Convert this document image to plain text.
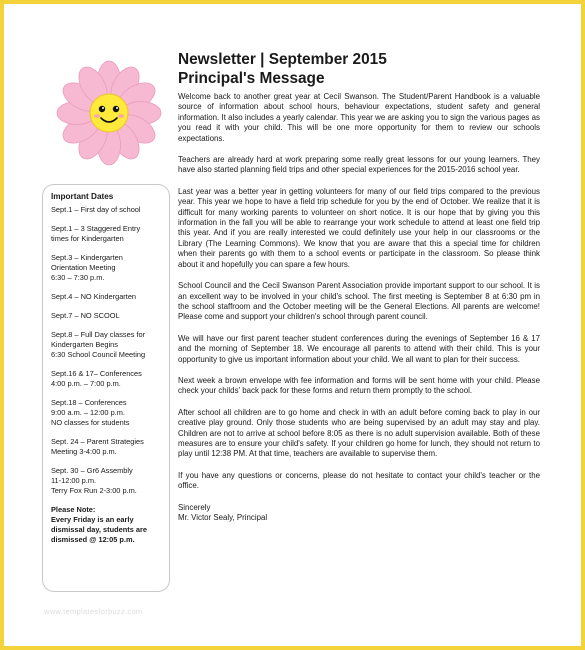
Important Dates
Sept.1 – First day of school
Sept.1 – 3 Staggered Entry
times for Kindergarten
Sept.3 – Kindergarten
Orientation Meeting
6:30 – 7:30 p.m.
Sept.4 – NO Kindergarten
Sept.7 – NO SCOOL
Sept.8 – Full Day classes for
Kindergarten Begins
6:30 School Council Meeting
Sept.16 & 17– Conferences
4:00 p.m. – 7:00 p.m.
Sept.18 – Conferences
9:00 a.m. – 12:00 p.m.
NO classes for students
Sept. 24 – Parent Strategies
Meeting 3-4:00 p.m.
Sept. 30 – Gr6 Assembly
11-12:00 p.m.
Terry Fox Run 2-3:00 p.m.
Please Note:
Every Friday is an early
dismissal day, students are
dismissed @ 12:05 p.m.
www.templatesforbuzz.com
Newsletter | September 2015
Principal's Message

Welcome back to another great year at Cecil Swanson. The Student/Parent Handbook is a valuable source of information about school hours, behaviour expectations, student safety and general information. It also includes a yearly calendar. This year we are asking you to sign the various pages as you read it with your child. This will be one more opportunity for them to review our schools expectations.

Teachers are already hard at work preparing some really great lessons for our young learners. They have also started planning field trips and other special experiences for the 2015-2016 school year.

Last year was a better year in getting volunteers for many of our field trips compared to the previous year. This year we hope to have a field trip schedule for you by the end of October. We realize that it is difficult for many working parents to volunteer on short notice. It is our hope that by giving you this information in the fall you will be able to rearrange your work schedule to attend at least one field trip this year. And if you are really interested we could definitely use your help in our classrooms or the Library (The Learning Commons). We know that you are aware that this a special time for children when their parents go with them to a school events or participate in the classroom. So please think about it and hopefully you can spare a few hours.

School Council and the Cecil Swanson Parent Association provide important support to our school. It is an excellent way to be involved in your child's school. The first meeting is September 8 at 6:30 pm in the school staffroom and the October meeting will be the General Elections. All parents are welcome! Please come and support your children's school through parent council.

We will have our first parent teacher student conferences during the evenings of September 16 & 17 and the morning of September 18. We encourage all parents to attend with their child. This is your opportunity to give us important information about your child. We all want to plan for their success.

Next week a brown envelope with fee information and forms will be sent home with your child. Please check your childs' back pack for these forms and return them promptly to the school.

After school all children are to go home and check in with an adult before coming back to play in our creative play ground. Only those students who are being supervised by an adult may stay and play. Children are not to arrive at school before 8:05 as there is no adult supervision available. Both of these measures are to ensure your child's safety. If your children go home for lunch, they should not return to play until 12:38 PM. At that time, teachers are available to supervise them.

If you have any questions or concerns, please do not hesitate to contact your child's teacher or the office.

Sincerely
Mr. Victor Sealy, Principal
